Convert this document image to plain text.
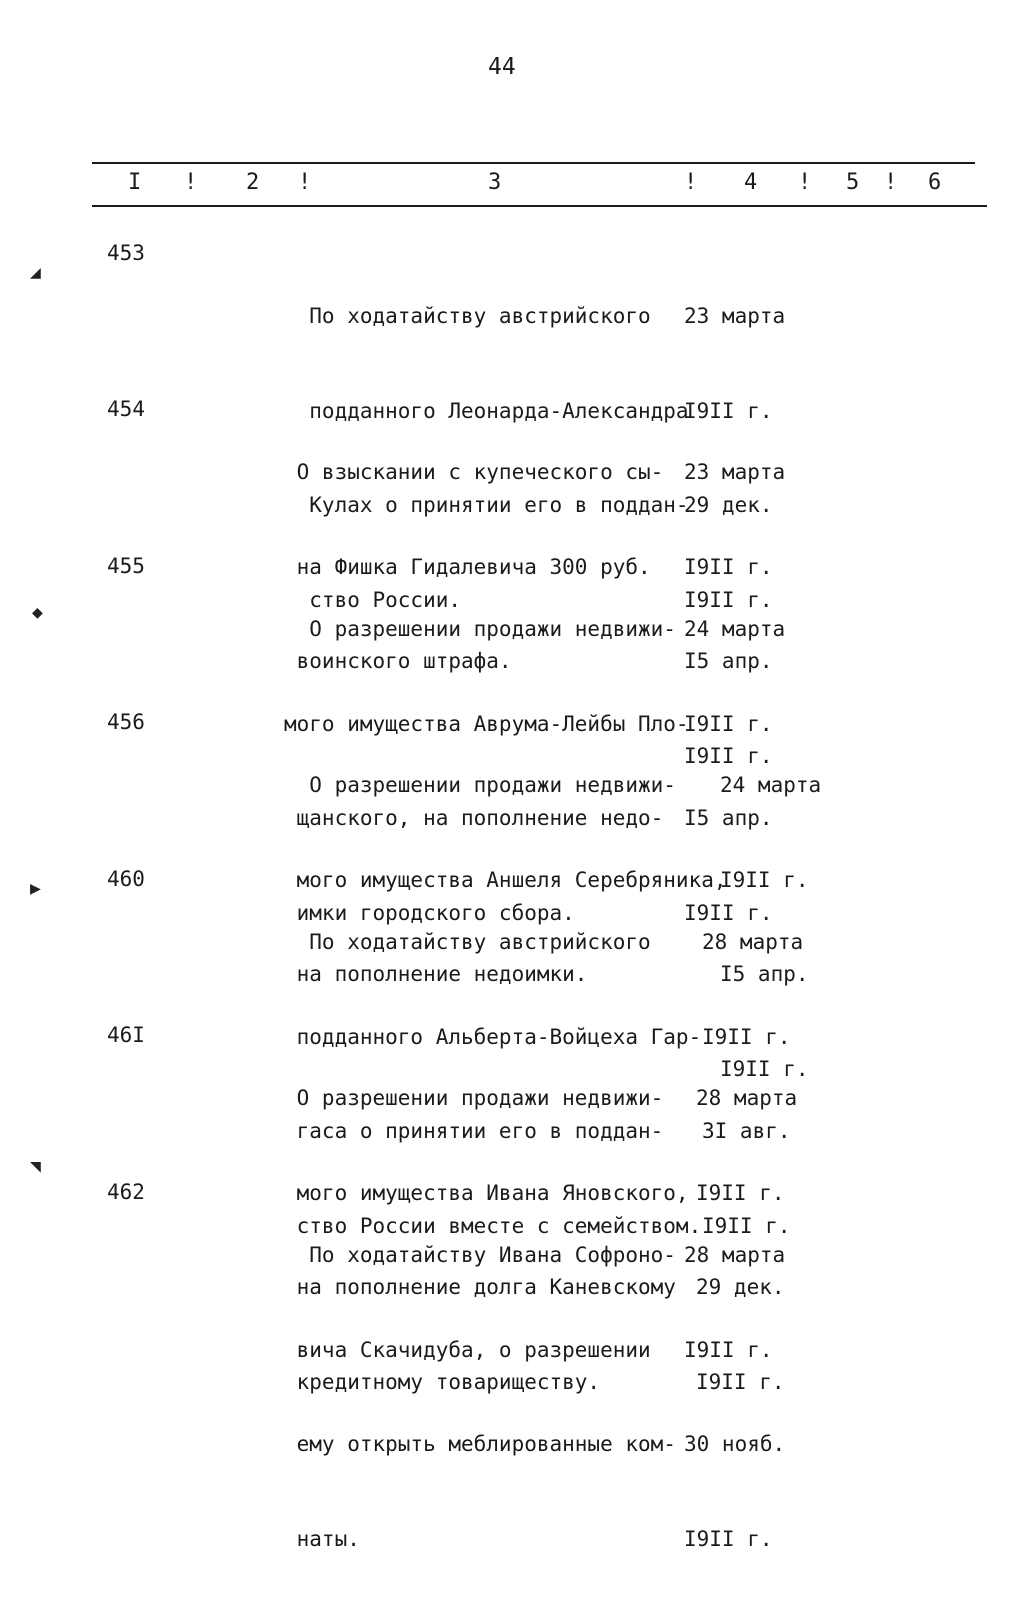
44
I ! 2 !	3	! 4 ! 5 ! 6
453

По ходатайству австрийского

подданного Леонарда-Александра

Кулах о принятии его в поддан-

ство России.

23 марта

I9II г.

29 дек.

I9II г.

454

О взыскании с купеческого сы-

на Фишка Гидалевича 300 руб.

воинского штрафа.

23 марта

I9II г.

I5 апр.

I9II г.

455

О разрешении продажи недвижи-

мого имущества Аврума-Лейбы Пло-

щанского, на пополнение недо-

имки городского сбора.

24 марта

I9II г.

I5 апр.

I9II г.

456

О разрешении продажи недвижи-

мого имущества Аншеля Серебряника,

на пополнение недоимки.

24 марта

I9II г.

I5 апр.

I9II г.

460

По ходатайству австрийского

подданного Альберта-Войцеха Гар-

гаса о принятии его в поддан-

ство России вместе с семейством.

28 марта

I9II г.

3I авг.

I9II г.

46I

О разрешении продажи недвижи-

мого имущества Ивана Яновского,

на пополнение долга Каневскому

кредитному товариществу.

28 марта

I9II г.

29 дек.

I9II г.

462

По ходатайству Ивана Софроно-

вича Скачидуба, о разрешении

ему открыть меблированные ком-

наты.

28 марта

I9II г.

30 нояб.

I9II г.

◢
◆
▶
◥
